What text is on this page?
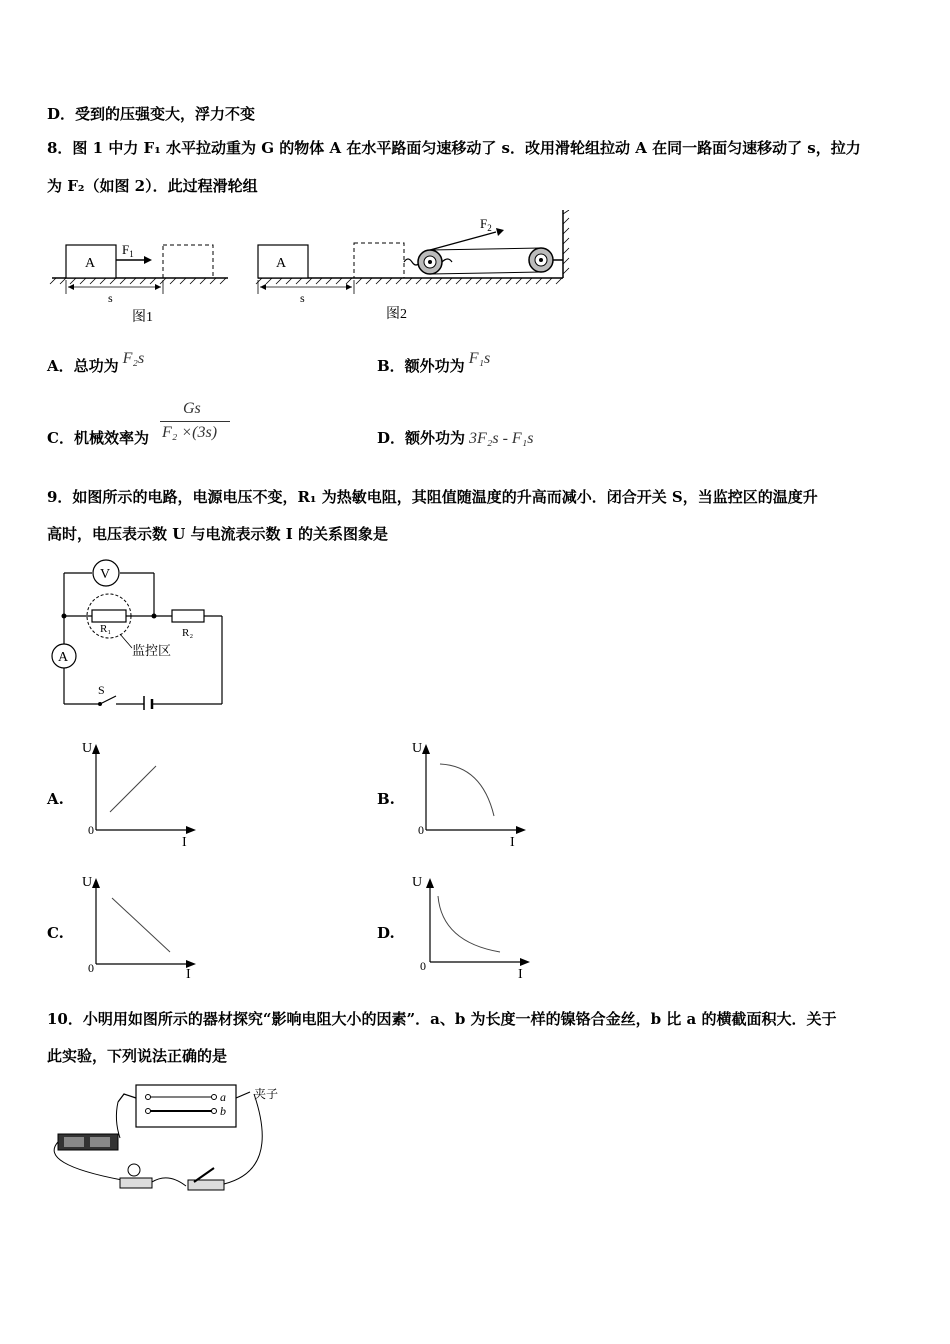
D．受到的压强变大，浮力不变
8．图 1 中力 F₁ 水平拉动重为 G 的物体 A 在水平路面匀速移动了 s．改用滑轮组拉动 A 在同一路面匀速移动了 s，拉力
为 F₂（如图 2）．此过程滑轮组
A
$F_1$
s
图1
A
$F_2$
s
图2
A．总功为 F₂s	B．额外功为 F₁s
C．机械效率为
Gs
F₂ ×(3s)	D．额外功为 3F₂s - F₁s
9．如图所示的电路，电源电压不变，R₁ 为热敏电阻，其阻值随温度的升高而减小．闭合开关 S，当监控区的温度升
高时，电压表示数 U 与电流表示数 I 的关系图象是
V
A
R₁	R₂
监控区
S
A.
U
I
0
B.
U
I
0
C.
U
I
0
D.
U
I
0
10．小明用如图所示的器材探究“影响电阻大小的因素”．a、b 为长度一样的镍铬合金丝，b 比 a 的横截面积大．关于
此实验，下列说法正确的是
a
b
夹子
